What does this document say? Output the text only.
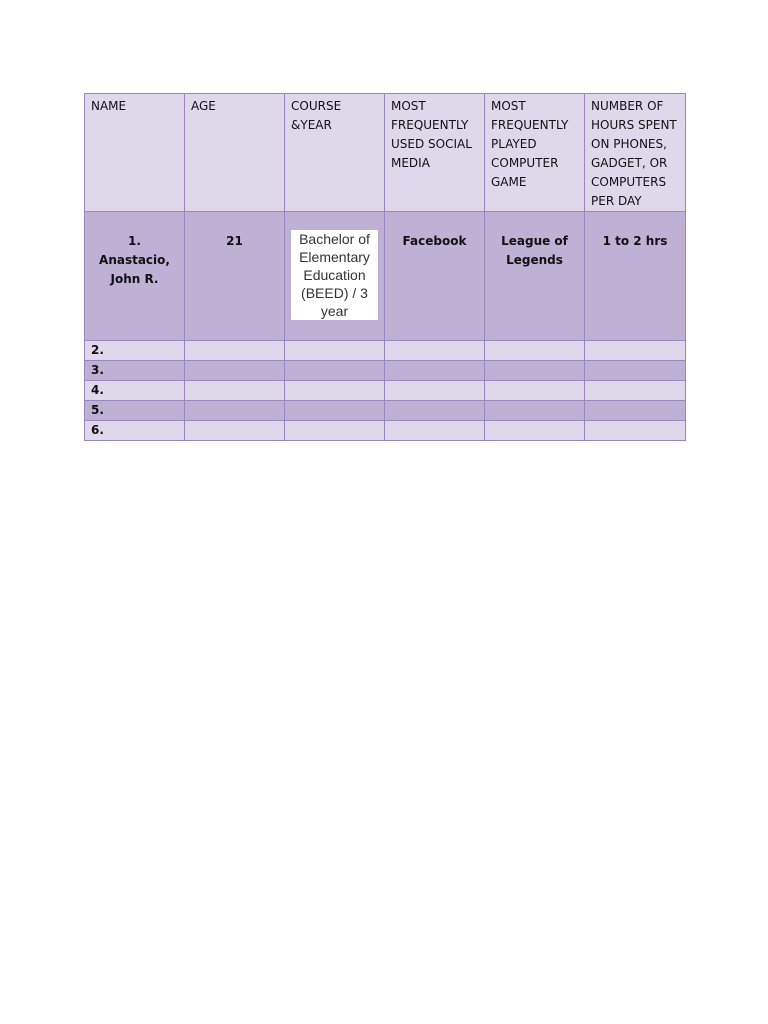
NAME	AGE	COURSE &YEAR	MOST FREQUENTLY USED SOCIAL MEDIA	MOST FREQUENTLY PLAYED COMPUTER GAME	NUMBER OF HOURS SPENT ON PHONES, GADGET, OR COMPUTERS PER DAY
1. Anastacio, John R.	21	Bachelor of Elementary Education (BEED) / 3 year	Facebook	League of Legends	1 to 2 hrs
2.					
3.					
4.					
5.					
6.					
